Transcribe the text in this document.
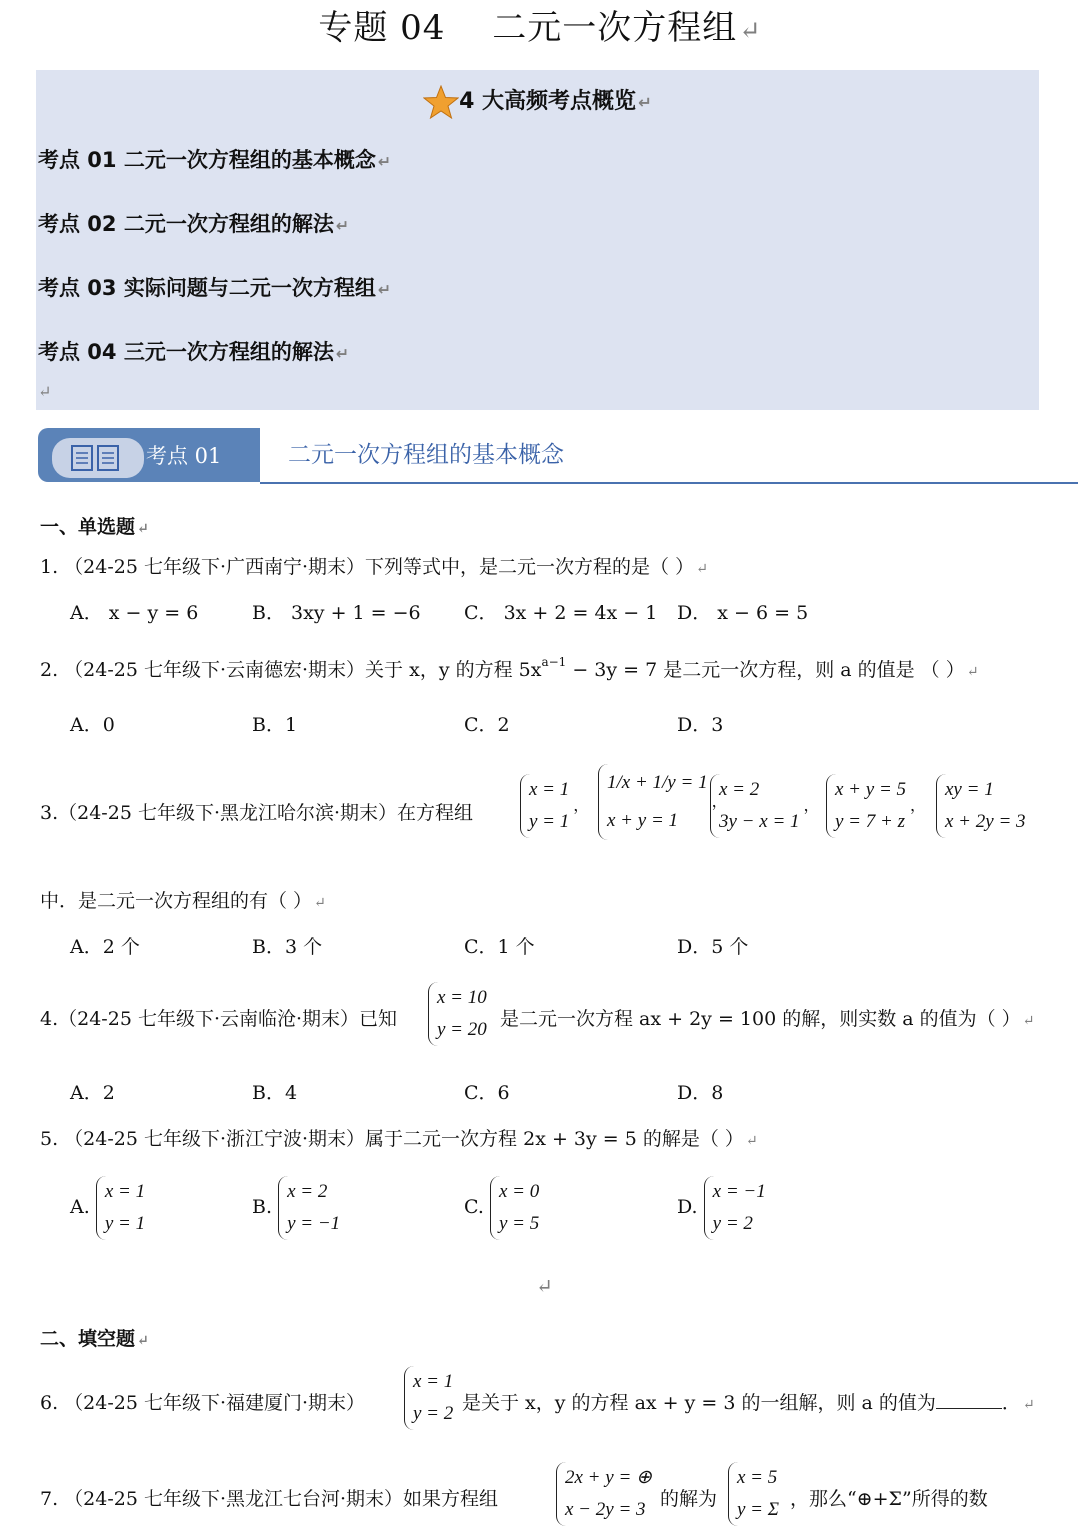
专题 04　 二元一次方程组↵
4 大高频考点概览 ↵
考点 01 二元一次方程组的基本概念 ↵
考点 02 二元一次方程组的解法 ↵
考点 03 实际问题与二元一次方程组 ↵
考点 04 三元一次方程组的解法 ↵
↵
考点 01	二元一次方程组的基本概念
一、单选题 ↵
1. （24-25 七年级下·广西南宁·期末）下列等式中，是二元一次方程的是（ ） ↵
A． x − y = 6	B． 3xy + 1 = −6 C． 3x + 2 = 4x − 1 D． x − 6 = 5
2. （24-25 七年级下·云南德宏·期末）关于 x，y 的方程 $5x^{a-1} - 3y = 7$ 是二元一次方程，则 a 的值是 （ ） ↵
A．0	B．1	C．2	D．3
3.（24-25 七年级下·黑龙江哈尔滨·期末）在方程组
x = 1
y = 1，
1/x + 1/y = 1
x + y = 1，
x = 2
3y − x = 1，
x + y = 5
y = 7 + z，
xy = 1
x + 2y = 3
中．是二元一次方程组的有（ ） ↵
A．2 个	B．3 个	C．1 个	D．5 个
4.（24-25 七年级下·云南临沧·期末）已知
x = 10
y = 20 是二元一次方程 ax + 2y = 100 的解，则实数 a 的值为（ ） ↵
A．2	B．4	C．6	D．8
5. （24-25 七年级下·浙江宁波·期末）属于二元一次方程 2x + 3y = 5 的解是（ ） ↵
A. x = 1
y = 1
B. x = 2
y = −1
C. x = 0
y = 5
D. x = −1
y = 2
↵
二、填空题 ↵
6. （24-25 七年级下·福建厦门·期末）
x = 1
y = 2 是关于 x，y 的方程 ax + y = 3 的一组解，则 a 的值为	． ↵
7. （24-25 七年级下·黑龙江七台河·期末）如果方程组
2x + y = ⊕
x − 2y = 3 的解为
x = 5
y = Σ ，那么“⊕+Σ”所得的数
